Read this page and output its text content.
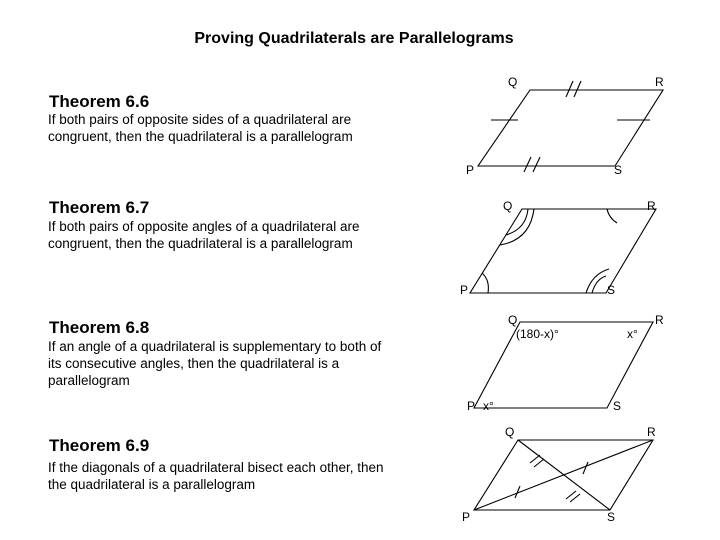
Proving Quadrilaterals are Parallelograms
Theorem 6.6
If both pairs of opposite sides of a quadrilateral are congruent, then the quadrilateral is a parallelogram
Theorem 6.7
If both pairs of opposite angles of a quadrilateral are congruent, then the quadrilateral is a parallelogram
Theorem 6.8
If an angle of a quadrilateral is supplementary to both of its consecutive angles, then the quadrilateral is a parallelogram
Theorem 6.9
If the diagonals of a quadrilateral bisect each other, then the quadrilateral is a parallelogram
Q	R
P	S
Q	R
P	S
Q	R
P	S
(180-x)°	x°
x°
Q	R
P	S
